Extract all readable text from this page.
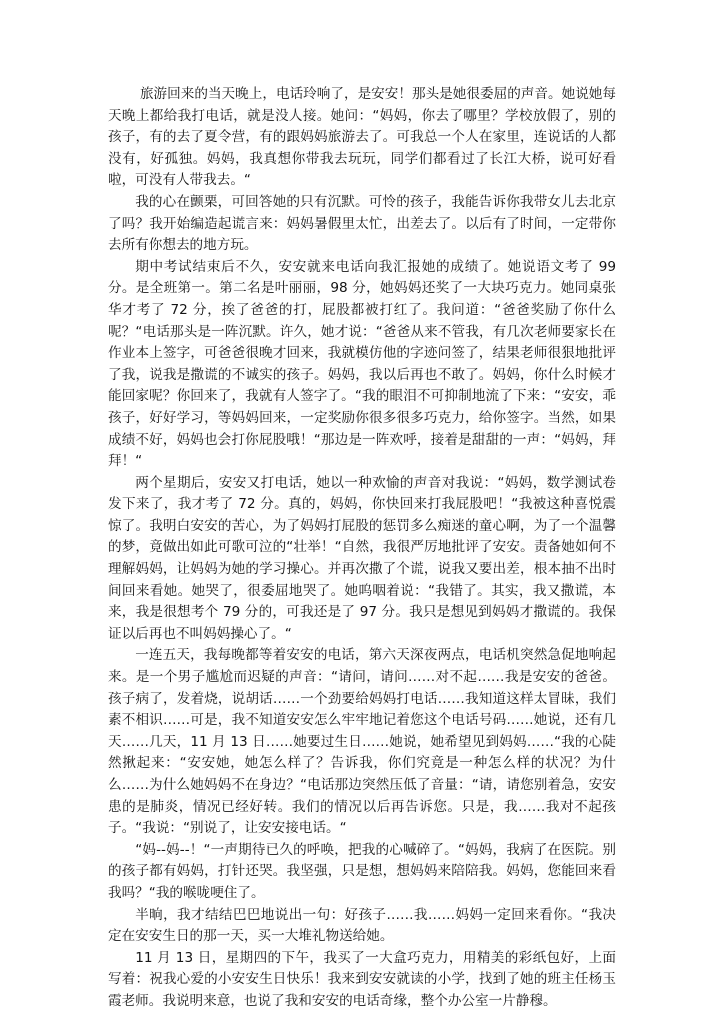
旅游回来的当天晚上，电话玲响了，是安安！那头是她很委屈的声音。她说她每天晚上都给我打电话，就是没人接。她问：“妈妈，你去了哪里？学校放假了，别的孩子，有的去了夏令营，有的跟妈妈旅游去了。可我总一个人在家里，连说话的人都没有，好孤独。妈妈，我真想你带我去玩玩，同学们都看过了长江大桥，说可好看啦，可没有人带我去。“

我的心在颤栗，可回答她的只有沉默。可怜的孩子，我能告诉你我带女儿去北京了吗？我开始编造起谎言来：妈妈暑假里太忙，出差去了。以后有了时间，一定带你去所有你想去的地方玩。

期中考试结束后不久，安安就来电话向我汇报她的成绩了。她说语文考了 99 分。是全班第一。第二名是叶丽丽，98 分，她妈妈还奖了一大块巧克力。她同桌张华才考了 72 分，挨了爸爸的打，屁股都被打红了。我问道：“爸爸奖励了你什么呢？“电话那头是一阵沉默。许久，她才说：“爸爸从来不管我，有几次老师要家长在作业本上签字，可爸爸很晚才回来，我就模仿他的字迹问签了，结果老师很狠地批评了我，说我是撒谎的不诚实的孩子。妈妈，我以后再也不敢了。妈妈，你什么时候才能回家呢？你回来了，我就有人签字了。“我的眼泪不可抑制地流了下来：“安安，乖孩子，好好学习，等妈妈回来，一定奖励你很多很多巧克力，给你签字。当然，如果成绩不好，妈妈也会打你屁股哦！“那边是一阵欢呼，接着是甜甜的一声：“妈妈，拜拜！“

两个星期后，安安又打电话，她以一种欢愉的声音对我说：“妈妈，数学测试卷发下来了，我才考了 72 分。真的，妈妈，你快回来打我屁股吧！“我被这种喜悦震惊了。我明白安安的苦心，为了妈妈打屁股的惩罚多么痴迷的童心啊，为了一个温馨的梦，竟做出如此可歌可泣的“壮举！“自然，我很严厉地批评了安安。责备她如何不理解妈妈，让妈妈为她的学习操心。并再次撒了个谎，说我又要出差，根本抽不出时间回来看她。她哭了，很委屈地哭了。她呜咽着说：“我错了。其实，我又撒谎，本来，我是很想考个 79 分的，可我还是了 97 分。我只是想见到妈妈才撒谎的。我保证以后再也不叫妈妈操心了。“

一连五天，我每晚都等着安安的电话，第六天深夜两点，电话机突然急促地响起来。是一个男子尴尬而迟疑的声音：“请问，请问……对不起……我是安安的爸爸。孩子病了，发着烧，说胡话……一个劲要给妈妈打电话……我知道这样太冒昧，我们素不相识……可是，我不知道安安怎么牢牢地记着您这个电话号码……她说，还有几天……几天，11 月 13 日……她要过生日……她说，她希望见到妈妈……“我的心陡然揪起来：“安安她，她怎么样了？告诉我，你们究竟是一种怎么样的状况？为什么……为什么她妈妈不在身边？“电话那边突然压低了音量：“请，请您别着急，安安患的是肺炎，情况已经好转。我们的情况以后再告诉您。只是，我……我对不起孩子。“我说：“别说了，让安安接电话。“

“妈--妈--！“一声期待已久的呼唤，把我的心喊碎了。“妈妈，我病了在医院。别的孩子都有妈妈，打针还哭。我坚强，只是想，想妈妈来陪陪我。妈妈，您能回来看我吗？“我的喉咙哽住了。

半晌，我才结结巴巴地说出一句：好孩子……我……妈妈一定回来看你。“我决定在安安生日的那一天，买一大堆礼物送给她。

11 月 13 日，星期四的下午，我买了一大盒巧克力，用精美的彩纸包好，上面写着：祝我心爱的小安安生日快乐！我来到安安就读的小学，找到了她的班主任杨玉霞老师。我说明来意，也说了我和安安的电话奇缘，整个办公室一片静穆。
